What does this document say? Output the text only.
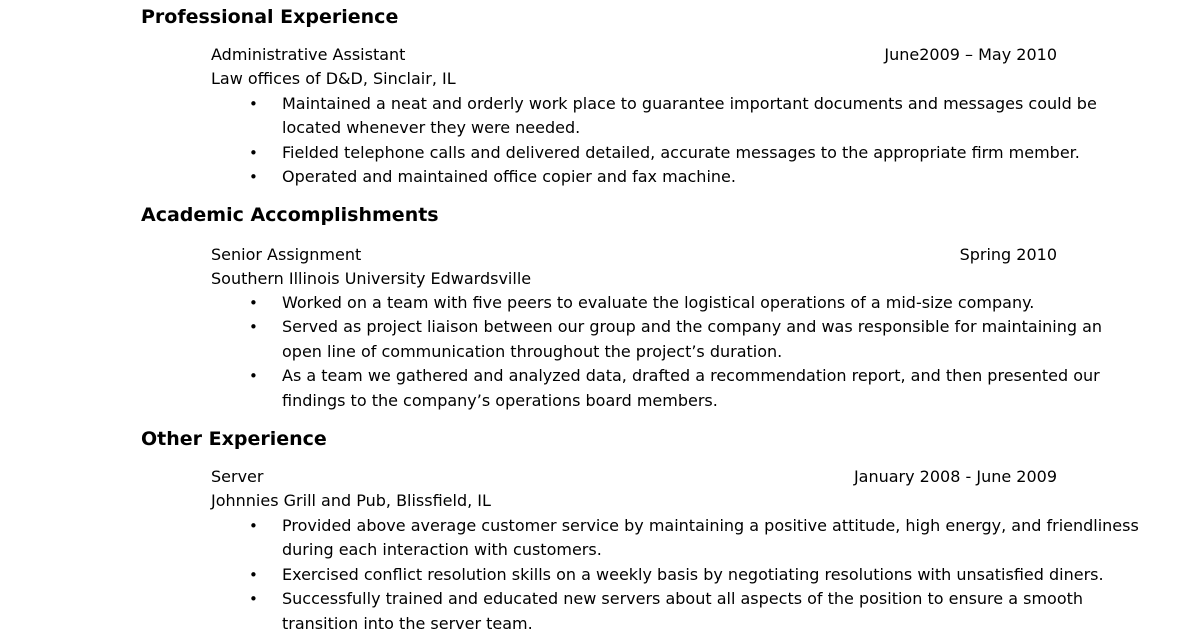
Professional Experience
Administrative Assistant	June2009 – May 2010
Law offices of D&D, Sinclair, IL
• Maintained a neat and orderly work place to guarantee important documents and messages could be located whenever they were needed.
• Fielded telephone calls and delivered detailed, accurate messages to the appropriate firm member.
• Operated and maintained office copier and fax machine.
Academic Accomplishments
Senior Assignment	Spring 2010
Southern Illinois University Edwardsville
• Worked on a team with five peers to evaluate the logistical operations of a mid-size company.
• Served as project liaison between our group and the company and was responsible for maintaining an open line of communication throughout the project’s duration.
• As a team we gathered and analyzed data, drafted a recommendation report, and then presented our findings to the company’s operations board members.
Other Experience
Server	January 2008 - June 2009
Johnnies Grill and Pub, Blissfield, IL
• Provided above average customer service by maintaining a positive attitude, high energy, and friendliness during each interaction with customers.
• Exercised conflict resolution skills on a weekly basis by negotiating resolutions with unsatisfied diners.
• Successfully trained and educated new servers about all aspects of the position to ensure a smooth transition into the server team.
